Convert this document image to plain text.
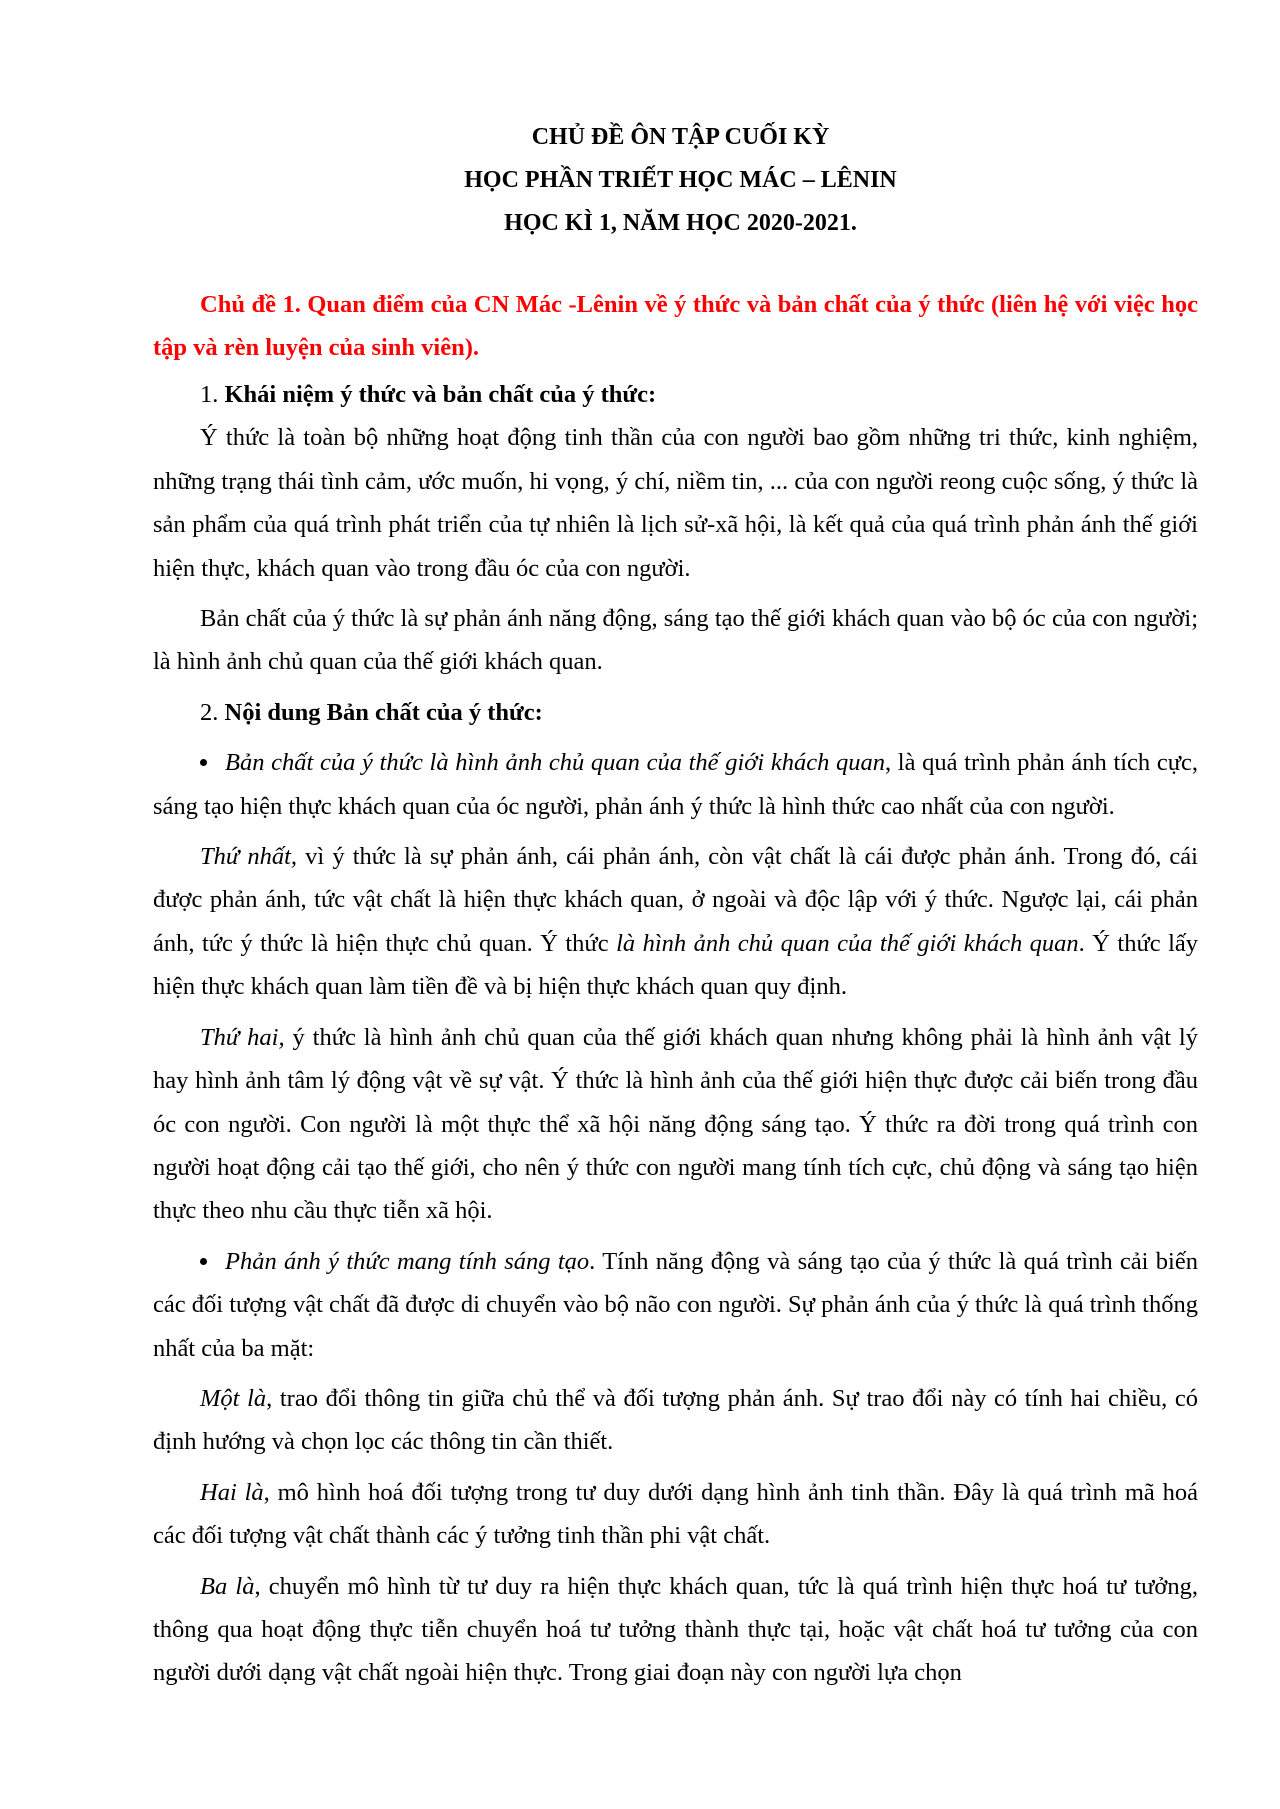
CHỦ ĐỀ ÔN TẬP CUỐI KỲ
HỌC PHẦN TRIẾT HỌC MÁC – LÊNIN
HỌC KÌ 1, NĂM HỌC 2020-2021.
Chủ đề 1. Quan điểm của CN Mác -Lênin về ý thức và bản chất của ý thức (liên hệ với việc học tập và rèn luyện của sinh viên).

1. Khái niệm ý thức và bản chất của ý thức:

Ý thức là toàn bộ những hoạt động tinh thần của con người bao gồm những tri thức, kinh nghiệm, những trạng thái tình cảm, ước muốn, hi vọng, ý chí, niềm tin, ... của con người reong cuộc sống, ý thức là sản phẩm của quá trình phát triển của tự nhiên là lịch sử-xã hội, là kết quả của quá trình phản ánh thế giới hiện thực, khách quan vào trong đầu óc của con người.

Bản chất của ý thức là sự phản ánh năng động, sáng tạo thế giới khách quan vào bộ óc của con người; là hình ảnh chủ quan của thế giới khách quan.

2. Nội dung Bản chất của ý thức:

Bản chất của ý thức là hình ảnh chủ quan của thế giới khách quan, là quá trình phản ánh tích cực, sáng tạo hiện thực khách quan của óc người, phản ánh ý thức là hình thức cao nhất của con người.

Thứ nhất, vì ý thức là sự phản ánh, cái phản ánh, còn vật chất là cái được phản ánh. Trong đó, cái được phản ánh, tức vật chất là hiện thực khách quan, ở ngoài và độc lập với ý thức. Ngược lại, cái phản ánh, tức ý thức là hiện thực chủ quan. Ý thức là hình ảnh chủ quan của thế giới khách quan. Ý thức lấy hiện thực khách quan làm tiền đề và bị hiện thực khách quan quy định.

Thứ hai, ý thức là hình ảnh chủ quan của thế giới khách quan nhưng không phải là hình ảnh vật lý hay hình ảnh tâm lý động vật về sự vật. Ý thức là hình ảnh của thế giới hiện thực được cải biến trong đầu óc con người. Con người là một thực thể xã hội năng động sáng tạo. Ý thức ra đời trong quá trình con người hoạt động cải tạo thế giới, cho nên ý thức con người mang tính tích cực, chủ động và sáng tạo hiện thực theo nhu cầu thực tiễn xã hội.

Phản ánh ý thức mang tính sáng tạo. Tính năng động và sáng tạo của ý thức là quá trình cải biến các đối tượng vật chất đã được di chuyển vào bộ não con người. Sự phản ánh của ý thức là quá trình thống nhất của ba mặt:

Một là, trao đổi thông tin giữa chủ thể và đối tượng phản ánh. Sự trao đổi này có tính hai chiều, có định hướng và chọn lọc các thông tin cần thiết.

Hai là, mô hình hoá đối tượng trong tư duy dưới dạng hình ảnh tinh thần. Đây là quá trình mã hoá các đối tượng vật chất thành các ý tưởng tinh thần phi vật chất.

Ba là, chuyển mô hình từ tư duy ra hiện thực khách quan, tức là quá trình hiện thực hoá tư tưởng, thông qua hoạt động thực tiễn chuyển hoá tư tưởng thành thực tại, hoặc vật chất hoá tư tưởng của con người dưới dạng vật chất ngoài hiện thực. Trong giai đoạn này con người lựa chọn
